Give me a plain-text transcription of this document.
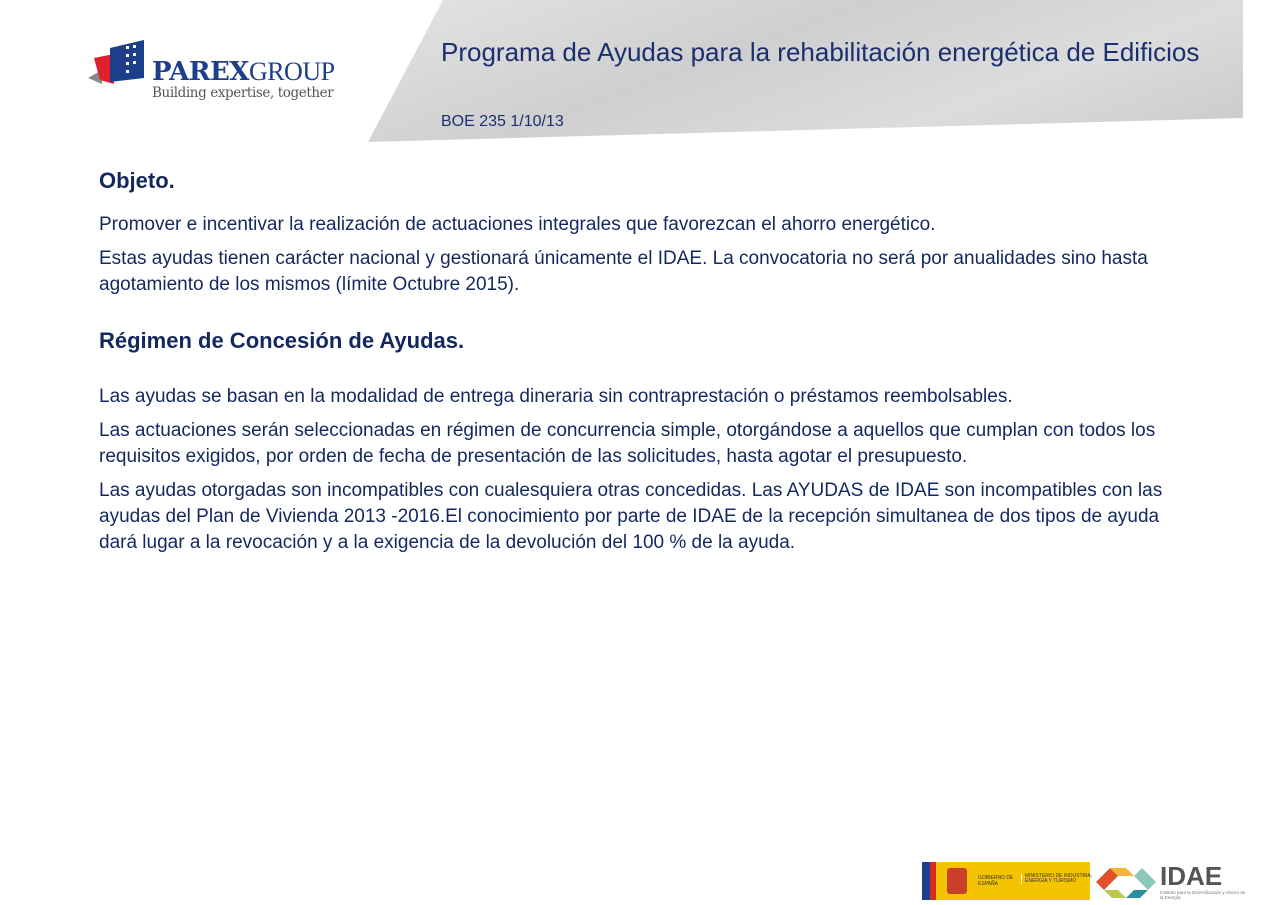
Programa de Ayudas para la rehabilitación energética de Edificios
BOE 235 1/10/13
PAREXGROUP
Building expertise, together
Objeto.

Promover e incentivar la realización de actuaciones integrales que favorezcan el ahorro energético.

Estas ayudas tienen carácter nacional y gestionará únicamente el IDAE. La convocatoria no será por anualidades sino hasta agotamiento de los mismos (límite Octubre 2015).

Régimen de Concesión de Ayudas.

Las ayudas se basan en la modalidad de entrega dineraria sin contraprestación o préstamos reembolsables.

Las actuaciones serán seleccionadas en régimen de concurrencia simple, otorgándose a aquellos que cumplan con todos los requisitos exigidos, por orden de fecha de presentación de las solicitudes, hasta agotar el presupuesto.

Las ayudas otorgadas son incompatibles con cualesquiera otras concedidas. Las AYUDAS de IDAE son incompatibles con las ayudas del Plan de Vivienda 2013 -2016.El conocimiento por parte de IDAE de la recepción simultanea de dos tipos de ayuda dará lugar a la revocación y a la exigencia de la devolución del 100 % de la ayuda.

GOBIERNO DE ESPAÑA
MINISTERIO DE INDUSTRIA, ENERGÍA Y TURISMO	IDAE
Instituto para la Diversificación y Ahorro de la Energía
